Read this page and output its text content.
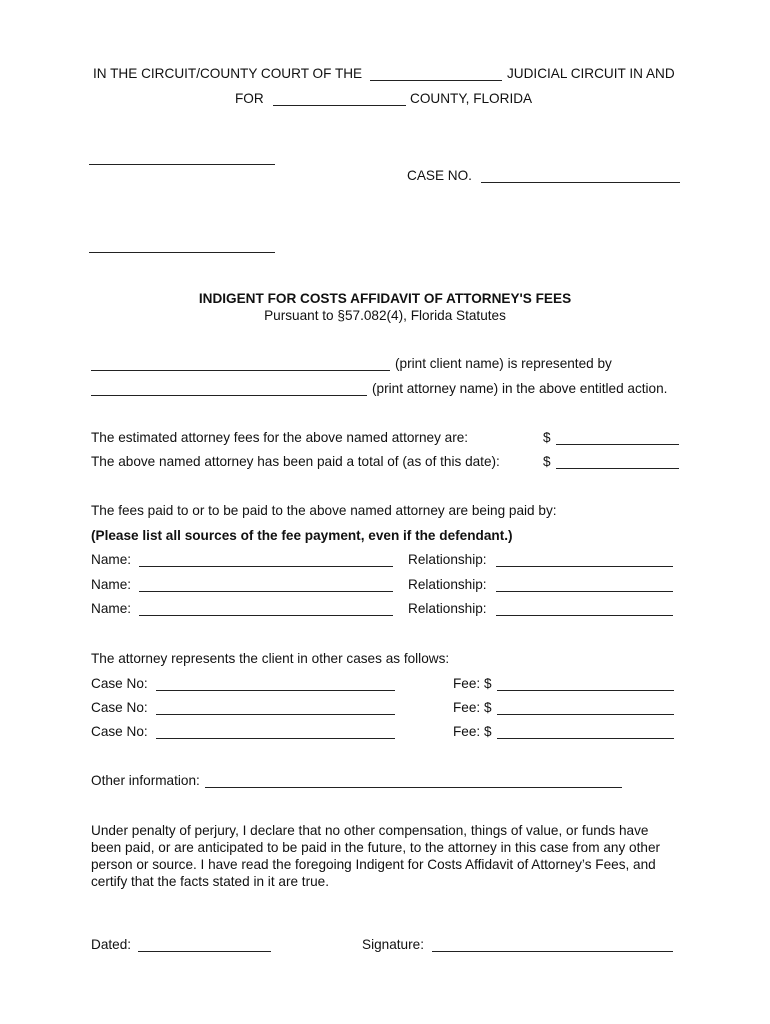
IN THE CIRCUIT/COUNTY COURT OF THE	JUDICIAL CIRCUIT IN AND
FOR	COUNTY, FLORIDA
CASE NO.
INDIGENT FOR COSTS AFFIDAVIT OF ATTORNEY'S FEES
Pursuant to §57.082(4), Florida Statutes
(print client name) is represented by
(print attorney name) in the above entitled action.
The estimated attorney fees for the above named attorney are:	$
The above named attorney has been paid a total of (as of this date):	$
The fees paid to or to be paid to the above named attorney are being paid by:
(Please list all sources of the fee payment, even if the defendant.)
Name:	Relationship:
Name:	Relationship:
Name:	Relationship:
The attorney represents the client in other cases as follows:
Case No:	Fee: $
Case No:	Fee: $
Case No:	Fee: $
Other information:
Under penalty of perjury, I declare that no other compensation, things of value, or funds have been paid, or are anticipated to be paid in the future, to the attorney in this case from any other person or source. I have read the foregoing Indigent for Costs Affidavit of Attorney’s Fees, and certify that the facts stated in it are true.
Dated:	Signature:
